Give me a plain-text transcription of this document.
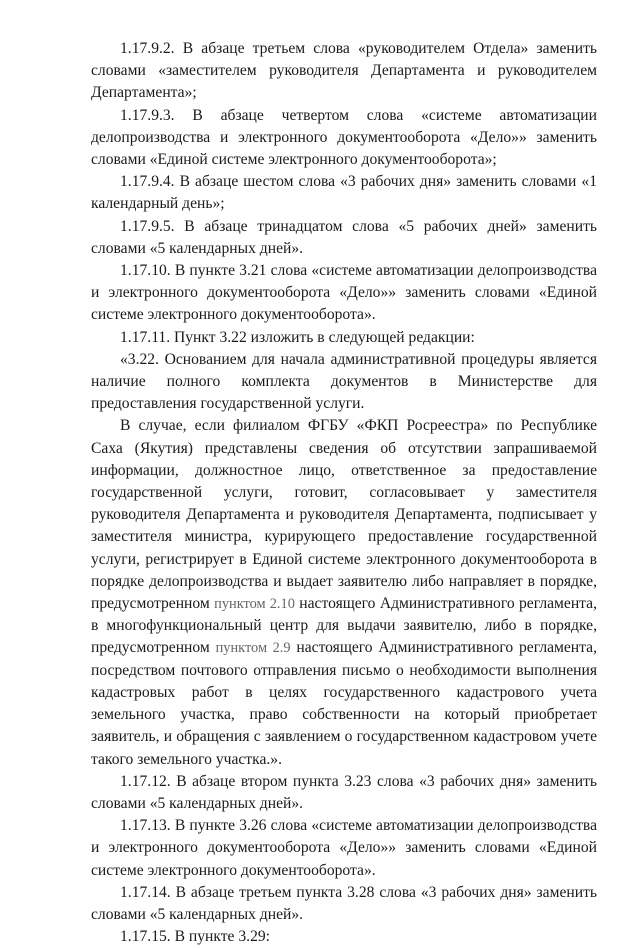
1.17.9.2. В абзаце третьем слова «руководителем Отдела» заменить словами «заместителем руководителя Департамента и руководителем Департамента»;

1.17.9.3. В абзаце четвертом слова «системе автоматизации делопроизводства и электронного документооборота «Дело»» заменить словами «Единой системе электронного документооборота»;

1.17.9.4. В абзаце шестом слова «3 рабочих дня» заменить словами «1 календарный день»;

1.17.9.5. В абзаце тринадцатом слова «5 рабочих дней» заменить словами «5 календарных дней».

1.17.10. В пункте 3.21 слова «системе автоматизации делопроизводства и электронного документооборота «Дело»» заменить словами «Единой системе электронного документооборота».

1.17.11. Пункт 3.22 изложить в следующей редакции:

«3.22. Основанием для начала административной процедуры является наличие полного комплекта документов в Министерстве для предоставления государственной услуги.

В случае, если филиалом ФГБУ «ФКП Росреестра» по Республике Саха (Якутия) представлены сведения об отсутствии запрашиваемой информации, должностное лицо, ответственное за предоставление государственной услуги, готовит, согласовывает у заместителя руководителя Департамента и руководителя Департамента, подписывает у заместителя министра, курирующего предоставление государственной услуги, регистрирует в Единой системе электронного документооборота в порядке делопроизводства и выдает заявителю либо направляет в порядке, предусмотренном пунктом 2.10 настоящего Административного регламента, в многофункциональный центр для выдачи заявителю, либо в порядке, предусмотренном пунктом 2.9 настоящего Административного регламента, посредством почтового отправления письмо о необходимости выполнения кадастровых работ в целях государственного кадастрового учета земельного участка, право собственности на который приобретает заявитель, и обращения с заявлением о государственном кадастровом учете такого земельного участка.».

1.17.12. В абзаце втором пункта 3.23 слова «3 рабочих дня» заменить словами «5 календарных дней».

1.17.13. В пункте 3.26 слова «системе автоматизации делопроизводства и электронного документооборота «Дело»» заменить словами «Единой системе электронного документооборота».

1.17.14. В абзаце третьем пункта 3.28 слова «3 рабочих дня» заменить словами «5 календарных дней».

1.17.15. В пункте 3.29:
